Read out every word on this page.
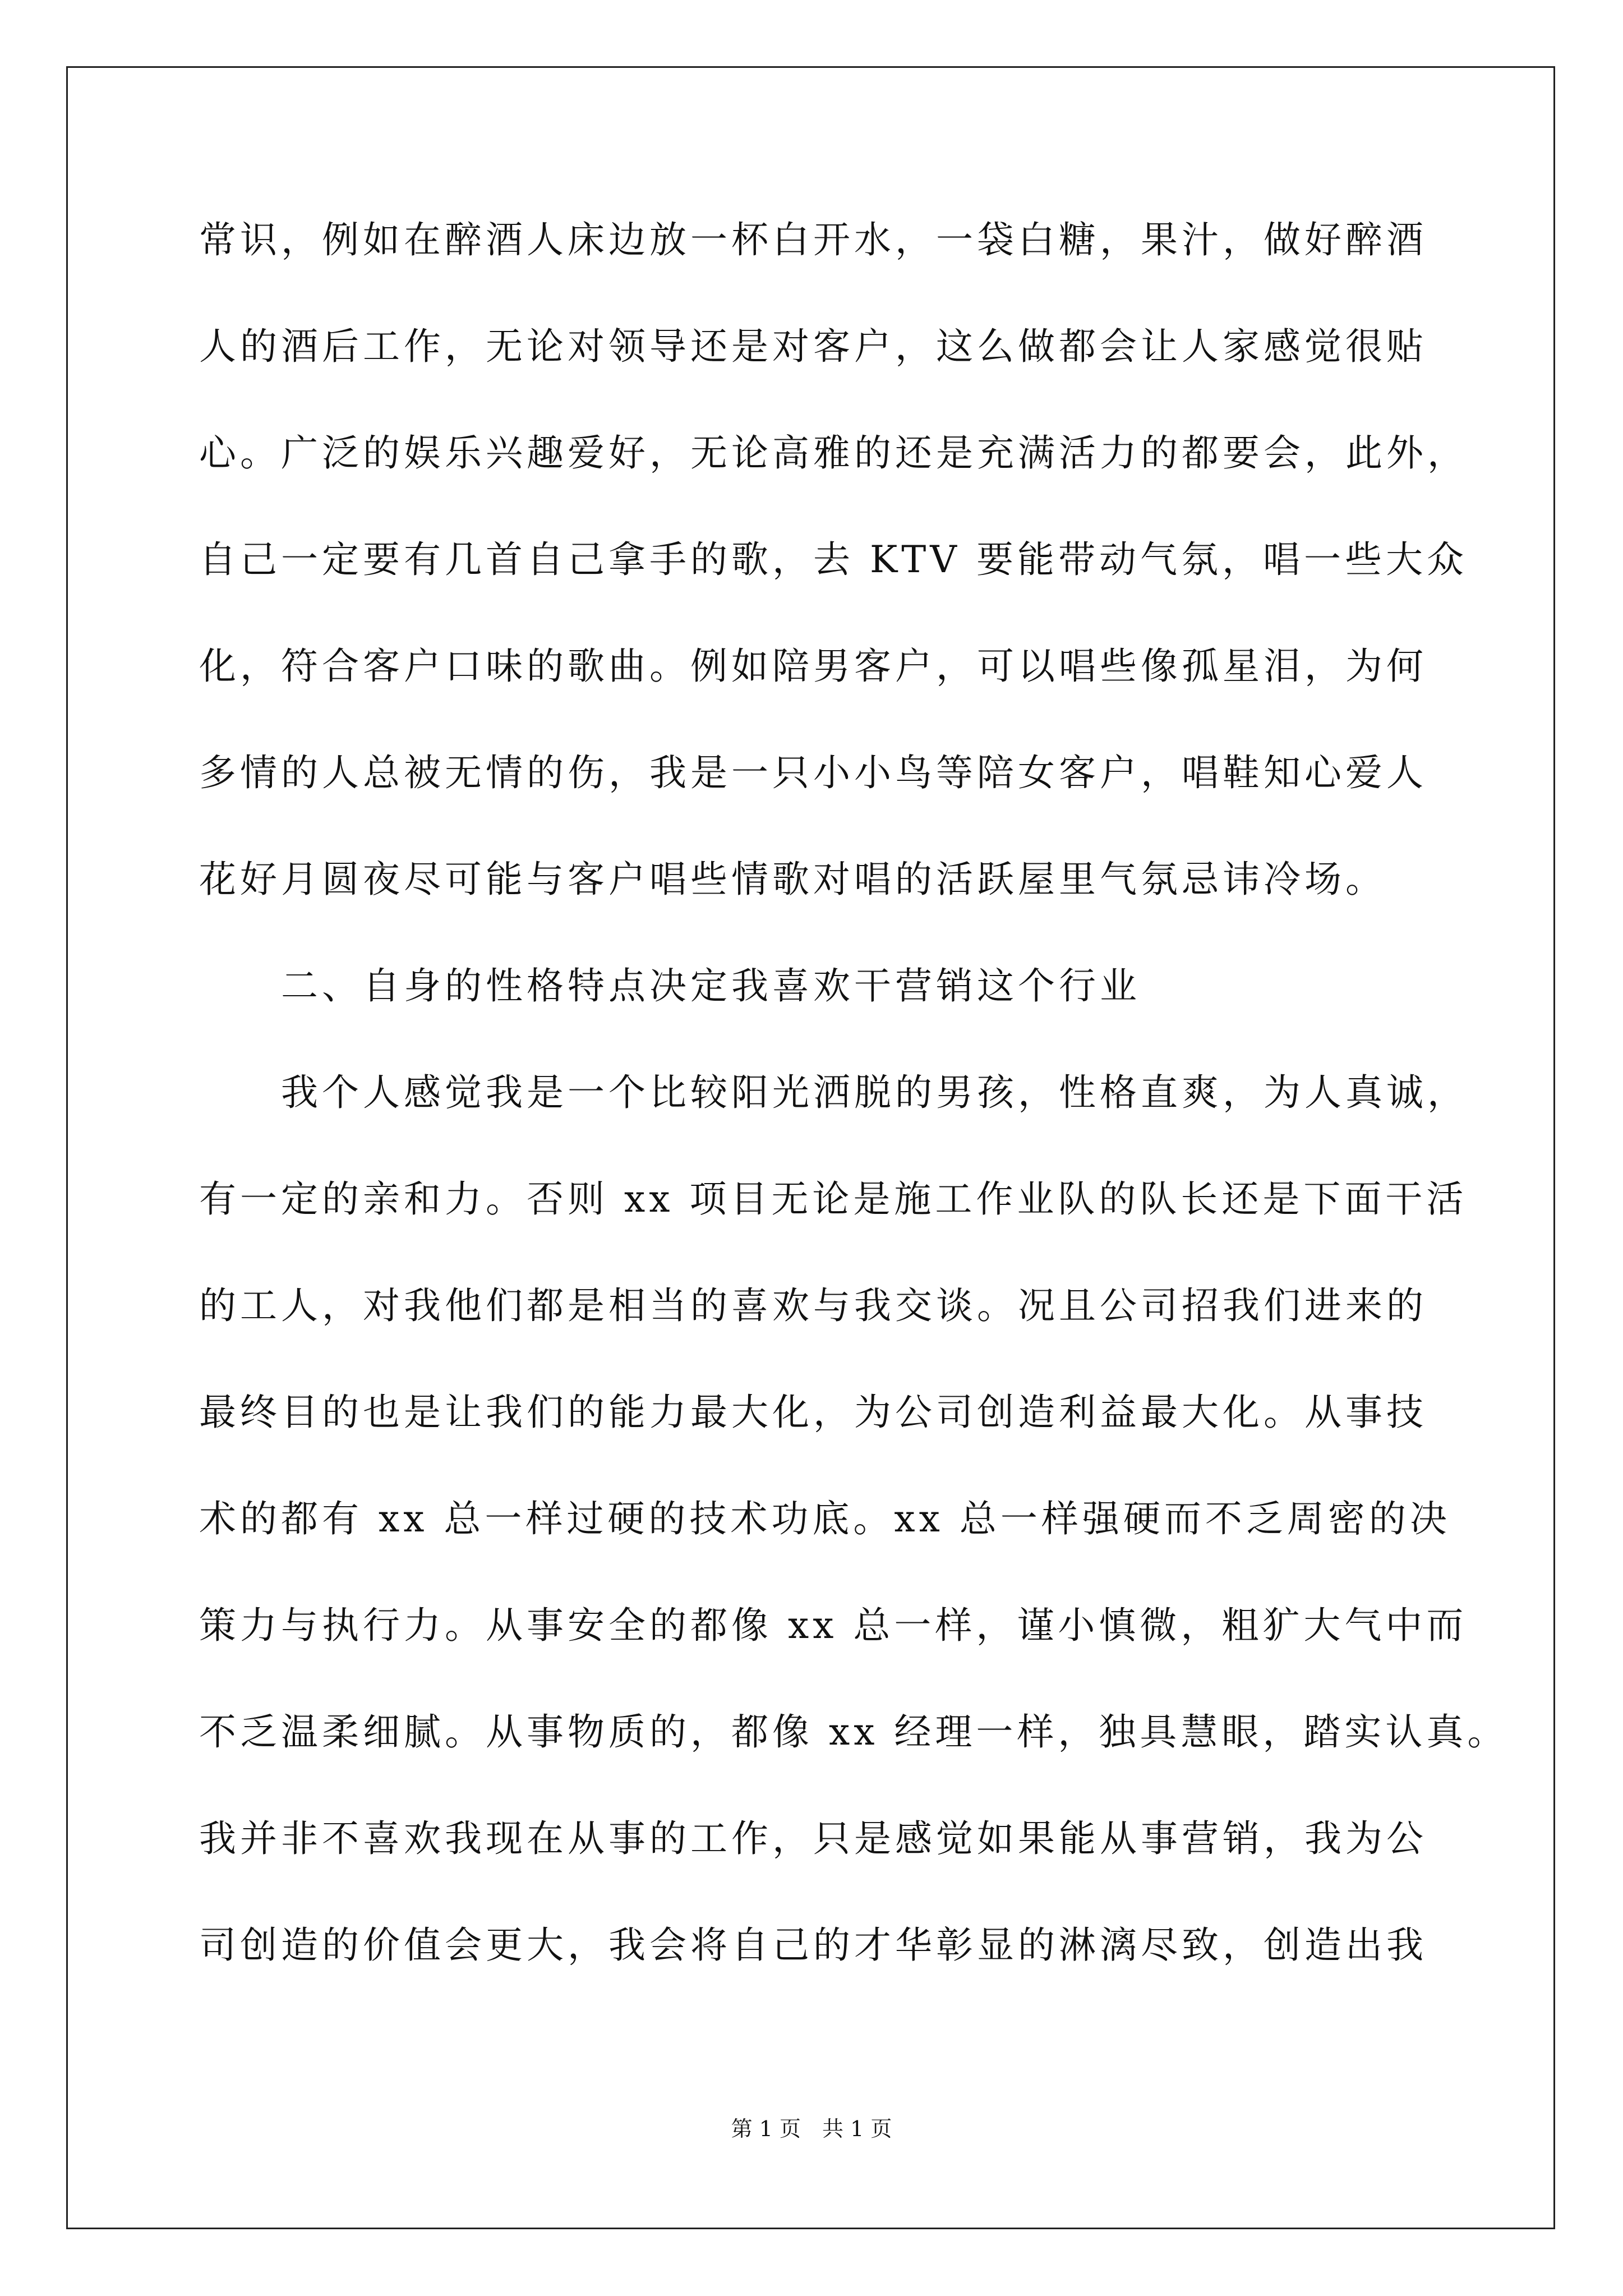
常识，例如在醉酒人床边放一杯白开水，一袋白糖，果汁，做好醉酒
人的酒后工作，无论对领导还是对客户，这么做都会让人家感觉很贴
心。广泛的娱乐兴趣爱好，无论高雅的还是充满活力的都要会，此外，
自己一定要有几首自己拿手的歌，去 KTV 要能带动气氛，唱一些大众
化，符合客户口味的歌曲。例如陪男客户，可以唱些像孤星泪，为何
多情的人总被无情的伤，我是一只小小鸟等陪女客户，唱鞋知心爱人
花好月圆夜尽可能与客户唱些情歌对唱的活跃屋里气氛忌讳冷场。
　　二、自身的性格特点决定我喜欢干营销这个行业
　　我个人感觉我是一个比较阳光洒脱的男孩，性格直爽，为人真诚，
有一定的亲和力。否则 xx 项目无论是施工作业队的队长还是下面干活
的工人，对我他们都是相当的喜欢与我交谈。况且公司招我们进来的
最终目的也是让我们的能力最大化，为公司创造利益最大化。从事技
术的都有 xx 总一样过硬的技术功底。xx 总一样强硬而不乏周密的决
策力与执行力。从事安全的都像 xx 总一样，谨小慎微，粗犷大气中而
不乏温柔细腻。从事物质的，都像 xx 经理一样，独具慧眼，踏实认真。
我并非不喜欢我现在从事的工作，只是感觉如果能从事营销，我为公
司创造的价值会更大，我会将自己的才华彰显的淋漓尽致，创造出我
第 1 页　共 1 页
